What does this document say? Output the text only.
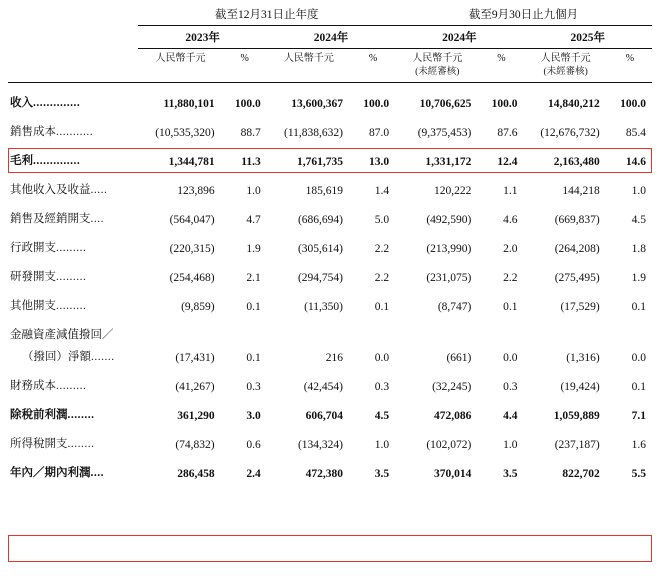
	截至12月31日止年度				截至9月30日止九個月			
	2023年		2024年		2024年		2025年	
	人民幣千元	%	人民幣千元	%	人民幣千元	%	人民幣千元	%
					(未經審核)		(未經審核)	

收入..............	11,880,101	100.0	13,600,367	100.0	10,706,625	100.0	14,840,212	100.0

銷售成本...........	(10,535,320)	88.7	(11,838,632)	87.0	(9,375,453)	87.6	(12,676,732)	85.4

毛利..............	1,344,781	11.3	1,761,735	13.0	1,331,172	12.4	2,163,480	14.6

其他收入及收益.....	123,896	1.0	185,619	1.4	120,222	1.1	144,218	1.0

銷售及經銷開支....	(564,047)	4.7	(686,694)	5.0	(492,590)	4.6	(669,837)	4.5

行政開支.........	(220,315)	1.9	(305,614)	2.2	(213,990)	2.0	(264,208)	1.8

研發開支.........	(254,468)	2.1	(294,754)	2.2	(231,075)	2.2	(275,495)	1.9

其他開支.........	(9,859)	0.1	(11,350)	0.1	(8,747)	0.1	(17,529)	0.1

金融資產減值撥回／								
（撥回）淨額.......	(17,431)	0.1	216	0.0	(661)	0.0	(1,316)	0.0

財務成本.........	(41,267)	0.3	(42,454)	0.3	(32,245)	0.3	(19,424)	0.1

除稅前利潤........	361,290	3.0	606,704	4.5	472,086	4.4	1,059,889	7.1

所得稅開支........	(74,832)	0.6	(134,324)	1.0	(102,072)	1.0	(237,187)	1.6

年內／期內利潤....	286,458	2.4	472,380	3.5	370,014	3.5	822,702	5.5
